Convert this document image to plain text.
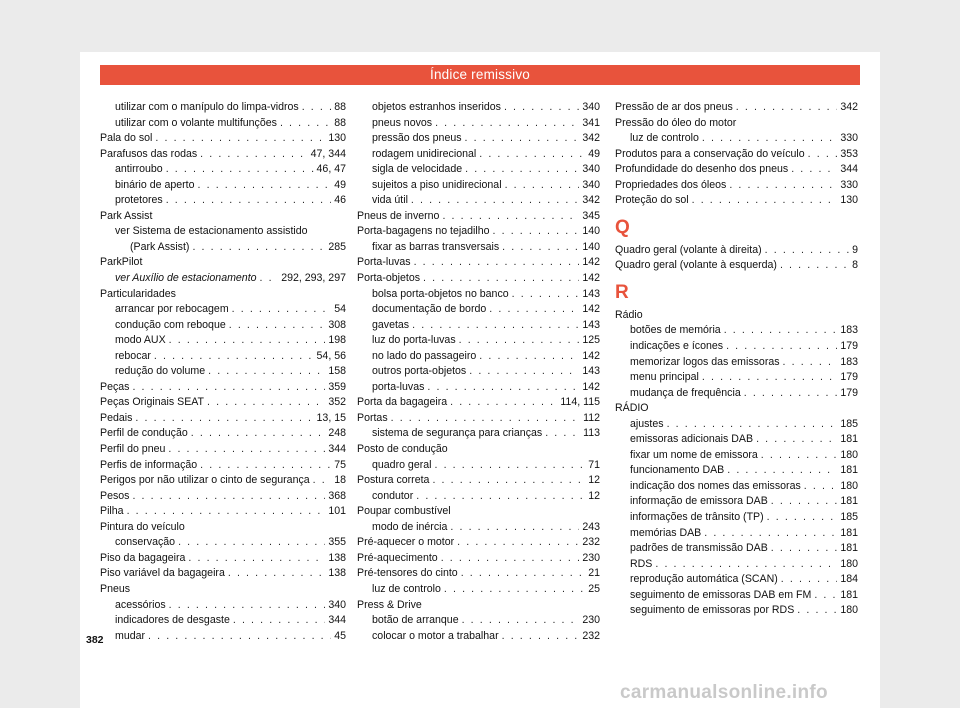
Índice remissivo
utilizar com o manípulo do limpa-vidros . . .	88
utilizar com o volante multifunções . . .	88
Pala do sol . . .	130
Parafusos das rodas . . .	47, 344
antirroubo . . .	46, 47
binário de aperto . . .	49
protetores . . .	46
Park Assist
ver Sistema de estacionamento assistido
(Park Assist) . . .	285
ParkPilot
ver Auxílio de estacionamento . . . 292, 293, 297
Particularidades
arrancar por rebocagem . . .	54
condução com reboque . . .	308
modo AUX . . .	198
rebocar . . .	54, 56
redução do volume . . .	158
Peças . . .	359
Peças Originais SEAT . . .	352
Pedais . . .	13, 15
Perfil de condução . . .	248
Perfil do pneu . . .	344
Perfis de informação . . .	75
Perigos por não utilizar o cinto de segurança . . . 18
Pesos . . .	368
Pilha . . .	101
Pintura do veículo
conservação . . .	355
Piso da bagageira . . .	138
Piso variável da bagageira . . .	138
Pneus
acessórios . . .	340
indicadores de desgaste . . .	344
mudar . . .	45
objetos estranhos inseridos . . .	340
pneus novos . . .	341
pressão dos pneus . . .	342
rodagem unidirecional . . .	49
sigla de velocidade . . .	340
sujeitos a piso unidirecional . . .	340
vida útil . . .	342
Pneus de inverno . . .	345
Porta-bagagens no tejadilho . . .	140
fixar as barras transversais . . .	140
Porta-luvas . . .	142
Porta-objetos . . .	142
bolsa porta-objetos no banco . . .	143
documentação de bordo . . .	142
gavetas . . .	143
luz do porta-luvas . . .	125
no lado do passageiro . . .	142
outros porta-objetos . . .	143
porta-luvas . . .	142
Porta da bagageira . . .	114, 115
Portas . . .	112
sistema de segurança para crianças . . .	113
Posto de condução
quadro geral . . .	71
Postura correta . . .	12
condutor . . .	12
Poupar combustível
modo de inércia . . .	243
Pré-aquecer o motor . . .	232
Pré-aquecimento . . .	230
Pré-tensores do cinto . . .	21
luz de controlo . . .	25
Press & Drive
botão de arranque . . .	230
colocar o motor a trabalhar . . .	232
Pressão de ar dos pneus . . .	342
Pressão do óleo do motor
luz de controlo . . .	330
Produtos para a conservação do veículo . . .	353
Profundidade do desenho dos pneus . . .	344
Propriedades dos óleos . . .	330
Proteção do sol . . .	130
Q
Quadro geral (volante à direita) . . .	9
Quadro geral (volante à esquerda) . . .	8
R
Rádio
botões de memória . . .	183
indicações e ícones . . .	179
memorizar logos das emissoras . . .	183
menu principal . . .	179
mudança de frequência . . .	179
RÁDIO
ajustes . . .	185
emissoras adicionais DAB . . .	181
fixar um nome de emissora . . .	180
funcionamento DAB . . .	181
indicação dos nomes das emissoras . . .	180
informação de emissora DAB . . .	181
informações de trânsito (TP) . . .	185
memórias DAB . . .	181
padrões de transmissão DAB . . .	181
RDS . . .	180
reprodução automática (SCAN) . . .	184
seguimento de emissoras DAB em FM . . .	181
seguimento de emissoras por RDS . . .	180
382
carmanualsonline.info
